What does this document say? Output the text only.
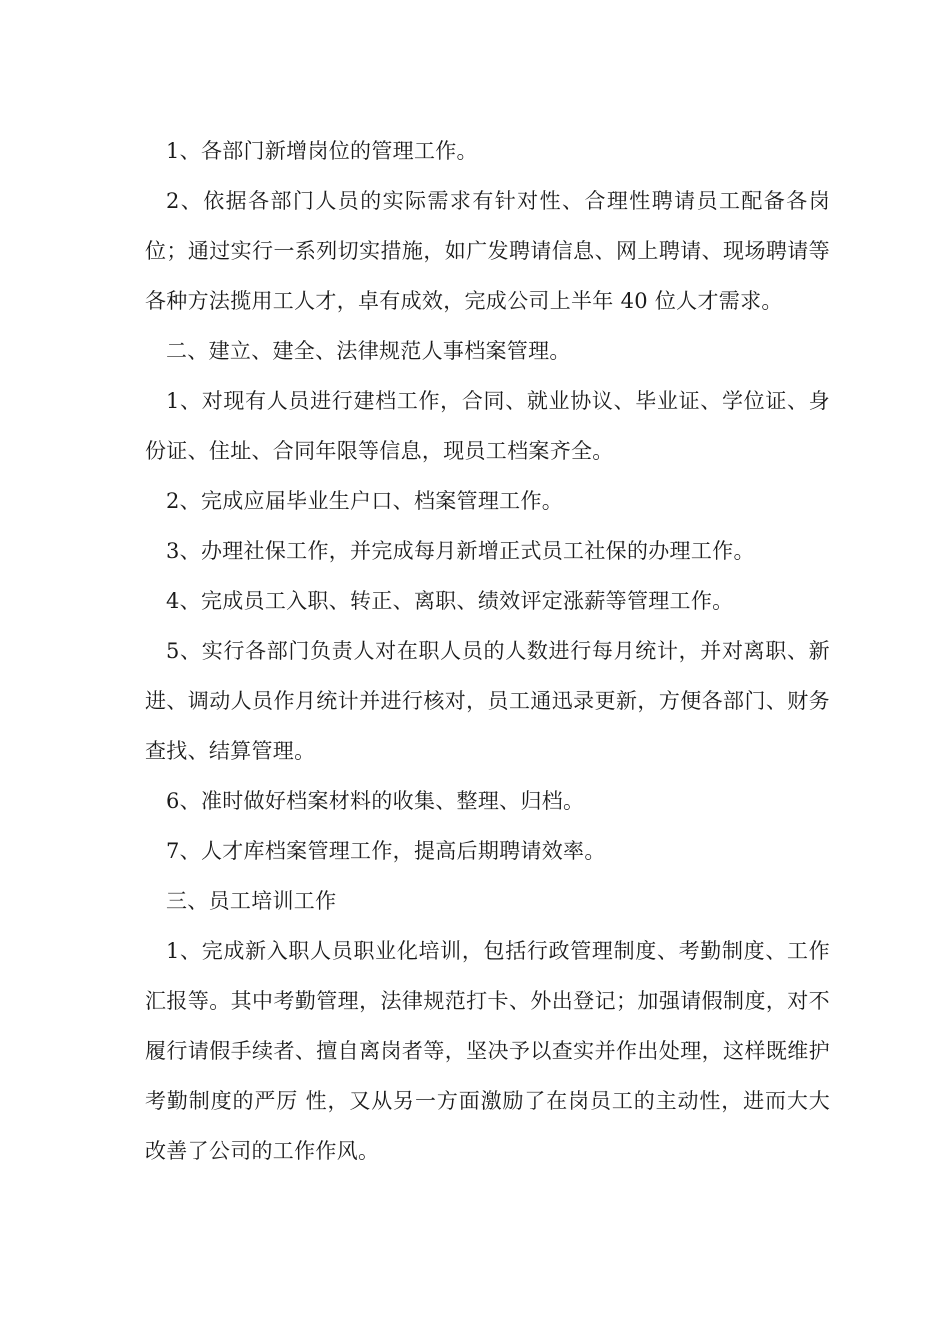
1、各部门新增岗位的管理工作。

2、依据各部门人员的实际需求有针对性、合理性聘请员工配备各岗位；通过实行一系列切实措施，如广发聘请信息、网上聘请、现场聘请等各种方法揽用工人才，卓有成效，完成公司上半年 40 位人才需求。

二、建立、建全、法律规范人事档案管理。

1、对现有人员进行建档工作，合同、就业协议、毕业证、学位证、身份证、住址、合同年限等信息，现员工档案齐全。

2、完成应届毕业生户口、档案管理工作。

3、办理社保工作，并完成每月新增正式员工社保的办理工作。

4、完成员工入职、转正、离职、绩效评定涨薪等管理工作。

5、实行各部门负责人对在职人员的人数进行每月统计，并对离职、新进、调动人员作月统计并进行核对，员工通迅录更新，方便各部门、财务查找、结算管理。

6、准时做好档案材料的收集、整理、归档。

7、人才库档案管理工作，提高后期聘请效率。

三、员工培训工作

1、完成新入职人员职业化培训，包括行政管理制度、考勤制度、工作汇报等。其中考勤管理，法律规范打卡、外出登记；加强请假制度，对不履行请假手续者、擅自离岗者等，坚决予以查实并作出处理，这样既维护考勤制度的严厉 性，又从另一方面激励了在岗员工的主动性，进而大大改善了公司的工作作风。
